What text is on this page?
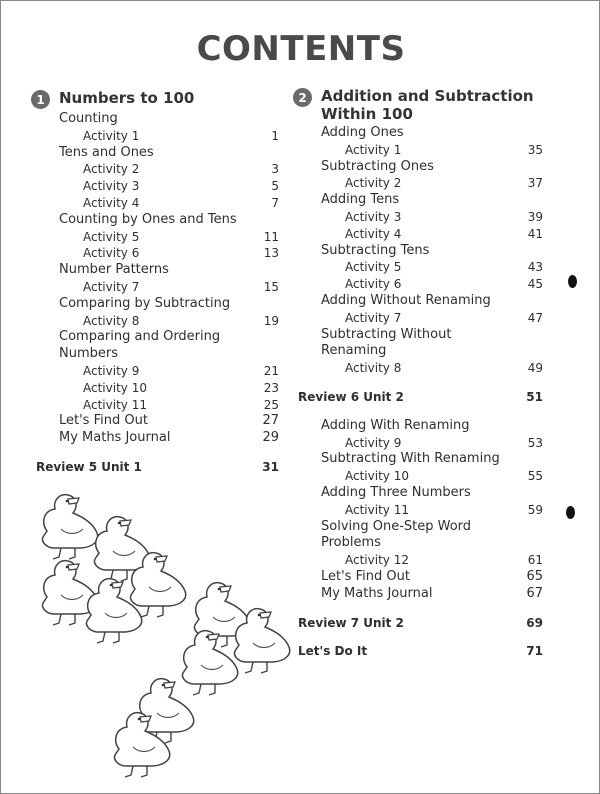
CONTENTS
1 Numbers to 100
Counting
Activity 1	1
Tens and Ones
Activity 2	3
Activity 3	5
Activity 4	7
Counting by Ones and Tens
Activity 5	11
Activity 6	13
Number Patterns
Activity 7	15
Comparing by Subtracting
Activity 8	19
Comparing and Ordering
Numbers
Activity 9	21
Activity 10	23
Activity 11	25
Let's Find Out	27
My Maths Journal	29
Review 5 Unit 1	31
2 Addition and Subtraction
Within 100
Adding Ones
Activity 1	35
Subtracting Ones
Activity 2	37
Adding Tens
Activity 3	39
Activity 4	41
Subtracting Tens
Activity 5	43
Activity 6	45
Adding Without Renaming
Activity 7	47
Subtracting Without
Renaming
Activity 8	49
Review 6 Unit 2	51
Adding With Renaming
Activity 9	53
Subtracting With Renaming
Activity 10	55
Adding Three Numbers
Activity 11	59
Solving One-Step Word Problems
Activity 12	61
Let's Find Out	65
My Maths Journal	67
Review 7 Unit 2	69
Let's Do It	71
